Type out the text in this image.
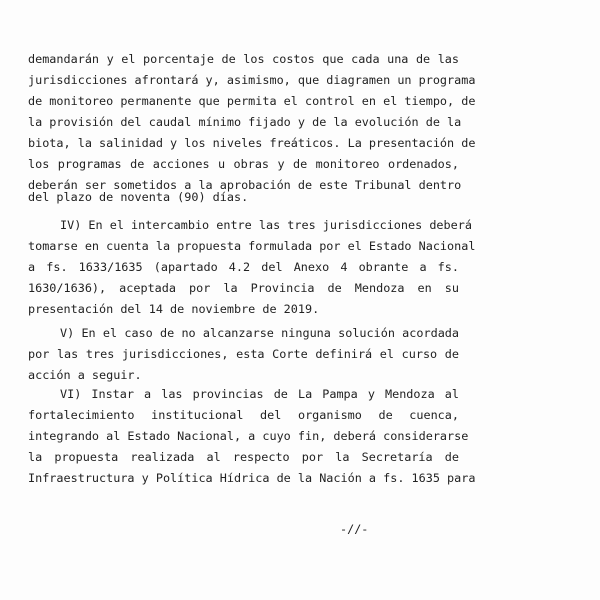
demandarán y el porcentaje de los costos que cada una de las
jurisdicciones afrontará y, asimismo, que diagramen un programa
de monitoreo permanente que permita el control en el tiempo, de
la provisión del caudal mínimo fijado y de la evolución de la
biota, la salinidad y los niveles freáticos. La presentación de
los programas de acciones u obras y de monitoreo ordenados,
deberán ser sometidos a la aprobación de este Tribunal dentro
del plazo de noventa (90) días.
IV) En el intercambio entre las tres jurisdicciones deberá
tomarse en cuenta la propuesta formulada por el Estado Nacional
a fs. 1633/1635 (apartado 4.2 del Anexo 4 obrante a fs.
1630/1636), aceptada por la Provincia de Mendoza en su
presentación del 14 de noviembre de 2019.
V) En el caso de no alcanzarse ninguna solución acordada
por las tres jurisdicciones, esta Corte definirá el curso de
acción a seguir.
VI) Instar a las provincias de La Pampa y Mendoza al
fortalecimiento institucional del organismo de cuenca,
integrando al Estado Nacional, a cuyo fin, deberá considerarse
la propuesta realizada al respecto por la Secretaría de
Infraestructura y Política Hídrica de la Nación a fs. 1635 para
-//-
